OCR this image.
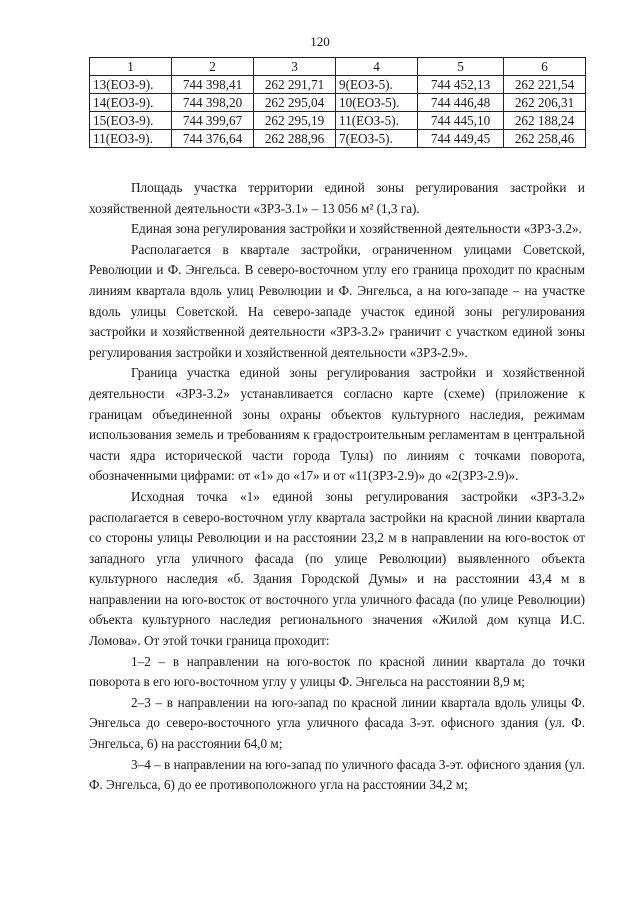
120
1	2	3	4	5	6
13(ЕОЗ-9).	744 398,41	262 291,71	9(ЕОЗ-5).	744 452,13	262 221,54
14(ЕОЗ-9).	744 398,20	262 295,04	10(ЕОЗ-5).	744 446,48	262 206,31
15(ЕОЗ-9).	744 399,67	262 295,19	11(ЕОЗ-5).	744 445,10	262 188,24
11(ЕОЗ-9).	744 376,64	262 288,96	7(ЕОЗ-5).	744 449,45	262 258,46

Площадь участка территории единой зоны регулирования застройки и хозяйственной деятельности «ЗРЗ-3.1» – 13 056 м² (1,3 га).

Единая зона регулирования застройки и хозяйственной деятельности «ЗРЗ-3.2».

Располагается в квартале застройки, ограниченном улицами Советской, Революции и Ф. Энгельса. В северо-восточном углу его граница проходит по красным линиям квартала вдоль улиц Революции и Ф. Энгельса, а на юго-западе – на участке вдоль улицы Советской. На северо-западе участок единой зоны регулирования застройки и хозяйственной деятельности «ЗРЗ-3.2» граничит с участком единой зоны регулирования застройки и хозяйственной деятельности «ЗРЗ-2.9».

Граница участка единой зоны регулирования застройки и хозяйственной деятельности «ЗРЗ-3.2» устанавливается согласно карте (схеме) (приложение к границам объединенной зоны охраны объектов культурного наследия, режимам использования земель и требованиям к градостроительным регламентам в центральной части ядра исторической части города Тулы) по линиям с точками поворота, обозначенными цифрами: от «1» до «17» и от «11(ЗРЗ-2.9)» до «2(ЗРЗ-2.9)».

Исходная точка «1» единой зоны регулирования застройки «ЗРЗ-3.2» располагается в северо-восточном углу квартала застройки на красной линии квартала со стороны улицы Революции и на расстоянии 23,2 м в направлении на юго-восток от западного угла уличного фасада (по улице Революции) выявленного объекта культурного наследия «б. Здания Городской Думы» и на расстоянии 43,4 м в направлении на юго-восток от восточного угла уличного фасада (по улице Революции) объекта культурного наследия регионального значения «Жилой дом купца И.С. Ломова». От этой точки граница проходит:

1–2 – в направлении на юго-восток по красной линии квартала до точки поворота в его юго-восточном углу у улицы Ф. Энгельса на расстоянии 8,9 м;

2–3 – в направлении на юго-запад по красной линии квартала вдоль улицы Ф. Энгельса до северо-восточного угла уличного фасада 3-эт. офисного здания (ул. Ф. Энгельса, 6) на расстоянии 64,0 м;

3–4 – в направлении на юго-запад по уличного фасада 3-эт. офисного здания (ул. Ф. Энгельса, 6) до ее противоположного угла на расстоянии 34,2 м;
